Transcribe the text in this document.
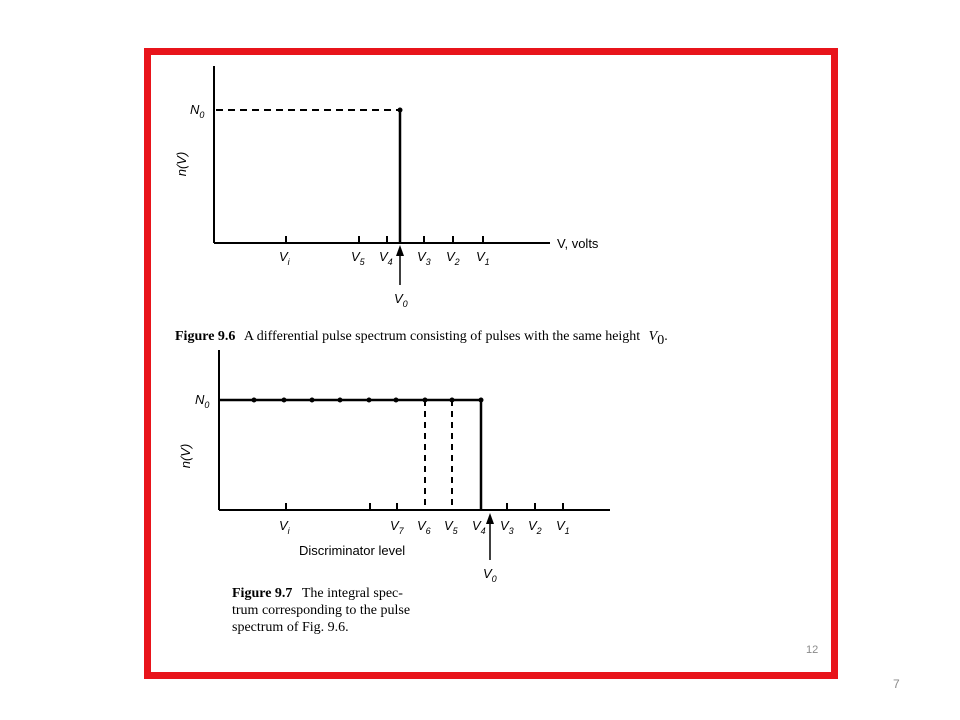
$N_0$
n(V)
V, volts
$V_i$	$V_5$ $V_4$ $V_3$ $V_2$ $V_1$
$V_0$
Figure 9.6 A differential pulse spectrum consisting of pulses with the same height V0.
$N_0$
n(V)
$V_i$	$V_7$ $V_6$ $V_5$ $V_4$ $V_3$ $V_2$ $V_1$
Discriminator level
$V_0$
Figure 9.7 The integral spec-
trum corresponding to the pulse
spectrum of Fig. 9.6.
12
7
